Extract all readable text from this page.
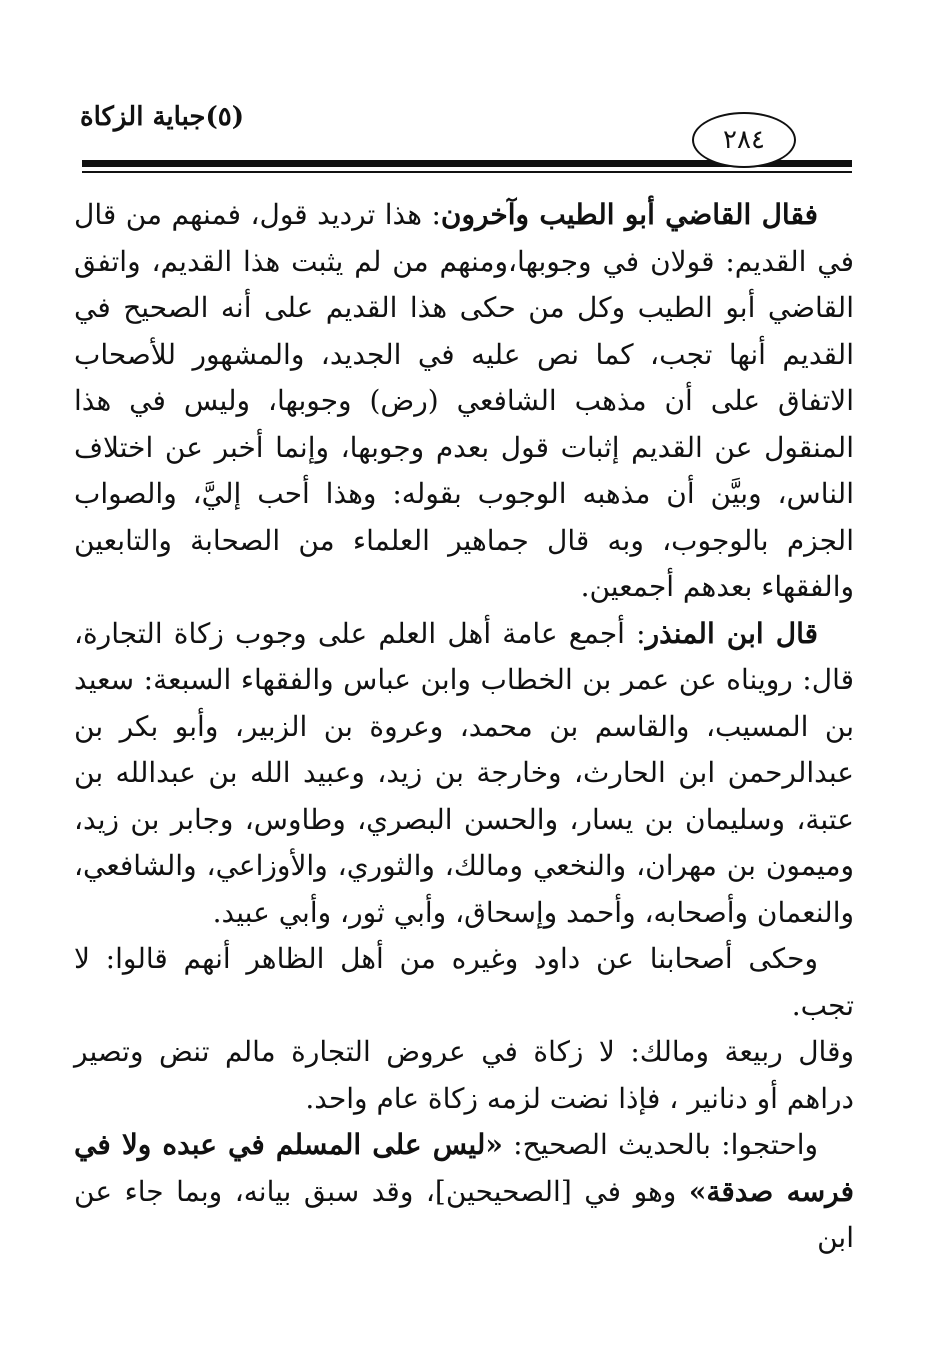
(٥)جباية الزكاة
٢٨٤

فقال القاضي أبو الطيب وآخرون: هذا ترديد قول، فمنهم من قال في القديم: قولان في وجوبها،ومنهم من لم يثبت هذا القديم، واتفق القاضي أبو الطيب وكل من حكى هذا القديم على أنه الصحيح في القديم أنها تجب، كما نص عليه في الجديد، والمشهور للأصحاب الاتفاق على أن مذهب الشافعي (رض) وجوبها، وليس في هذا المنقول عن القديم إثبات قول بعدم وجوبها، وإنما أخبر عن اختلاف الناس، وبيَّن أن مذهبه الوجوب بقوله: وهذا أحب إليَّ، والصواب الجزم بالوجوب، وبه قال جماهير العلماء من الصحابة والتابعين والفقهاء بعدهم أجمعين.

قال ابن المنذر: أجمع عامة أهل العلم على وجوب زكاة التجارة، قال: رويناه عن عمر بن الخطاب وابن عباس والفقهاء السبعة: سعيد بن المسيب، والقاسم بن محمد، وعروة بن الزبير، وأبو بكر بن عبدالرحمن ابن الحارث، وخارجة بن زيد، وعبيد الله بن عبدالله بن عتبة، وسليمان بن يسار، والحسن البصري، وطاوس، وجابر بن زيد، وميمون بن مهران، والنخعي ومالك، والثوري، والأوزاعي، والشافعي، والنعمان وأصحابه، وأحمد وإسحاق، وأبي ثور، وأبي عبيد.

وحكى أصحابنا عن داود وغيره من أهل الظاهر أنهم قالوا: لا تجب.

وقال ربيعة ومالك: لا زكاة في عروض التجارة مالم تنض وتصير دراهم أو دنانير ، فإذا نضت لزمه زكاة عام واحد.

واحتجوا: بالحديث الصحيح: «ليس على المسلم في عبده ولا في فرسه صدقة» وهو في [الصحيحين]، وقد سبق بيانه، وبما جاء عن ابن
